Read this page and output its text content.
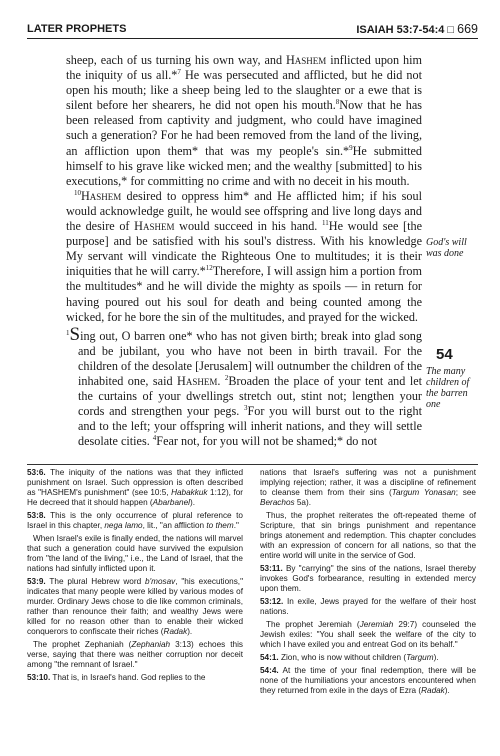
LATER PROPHETS	ISAIAH 53:7-54:4 □ 669

sheep, each of us turning his own way, and Hashem inflicted upon him the iniquity of us all.*$^7$ He was persecuted and afflicted, but he did not open his mouth; like a sheep being led to the slaughter or a ewe that is silent before her shearers, he did not open his mouth.$^8$Now that he has been released from captivity and judgment, who could have imagined such a generation? For he had been removed from the land of the living, an affliction upon them* that was my people's sin.*$^9$He submitted himself to his grave like wicked men; and the wealthy [submitted] to his executions,* for committing no crime and with no deceit in his mouth.

$^{10}$Hashem desired to oppress him* and He afflicted him; if his soul would acknowledge guilt, he would see offspring and live long days and the desire of Hashem would succeed in his hand. $^{11}$He would see [the purpose] and be satisfied with his soul's distress. With his knowledge My servant will vindicate the Righteous One to multitudes; it is their iniquities that he will carry.*$^{12}$Therefore, I will assign him a portion from the multitudes* and he will divide the mighty as spoils — in return for having poured out his soul for death and being counted among the wicked, for he bore the sin of the multitudes, and prayed for the wicked.

$^1$Sing out, O barren one* who has not given birth; break into glad song and be jubilant, you who have not been in birth travail. For the children of the desolate [Jerusalem] will outnumber the children of the inhabited one, said Hashem. $^2$Broaden the place of your tent and let the curtains of your dwellings stretch out, stint not; lengthen your cords and strengthen your pegs. $^3$For you will burst out to the right and to the left; your offspring will inherit nations, and they will settle desolate cities. $^4$Fear not, for you will not be shamed;* do not

God's will was done
54
The many children of the barren one

53:6. The iniquity of the nations was that they inflicted punishment on Israel. Such oppression is often described as "HASHEM's punishment" (see 10:5, Habakkuk 1:12), for He decreed that it should happen (Abarbanel).

53:8. This is the only occurrence of plural reference to Israel in this chapter, nega lamo, lit., "an affliction to them."

When Israel's exile is finally ended, the nations will marvel that such a generation could have survived the expulsion from "the land of the living," i.e., the Land of Israel, that the nations had sinfully inflicted upon it.

53:9. The plural Hebrew word b'mosav, "his executions," indicates that many people were killed by various modes of murder. Ordinary Jews chose to die like common criminals, rather than renounce their faith; and wealthy Jews were killed for no reason other than to enable their wicked conquerors to confiscate their riches (Radak).

The prophet Zephaniah (Zephaniah 3:13) echoes this verse, saying that there was neither corruption nor deceit among "the remnant of Israel."

53:10. That is, in Israel's hand. God replies to the

nations that Israel's suffering was not a punishment implying rejection; rather, it was a discipline of refinement to cleanse them from their sins (Targum Yonasan; see Berachos 5a).

Thus, the prophet reiterates the oft-repeated theme of Scripture, that sin brings punishment and repentance brings atonement and redemption. This chapter concludes with an expression of concern for all nations, so that the entire world will unite in the service of God.

53:11. By "carrying" the sins of the nations, Israel thereby invokes God's forbearance, resulting in extended mercy upon them.

53:12. In exile, Jews prayed for the welfare of their host nations.

The prophet Jeremiah (Jeremiah 29:7) counseled the Jewish exiles: "You shall seek the welfare of the city to which I have exiled you and entreat God on its behalf."

54:1. Zion, who is now without children (Targum).

54:4. At the time of your final redemption, there will be none of the humiliations your ancestors encountered when they returned from exile in the days of Ezra (Radak).
